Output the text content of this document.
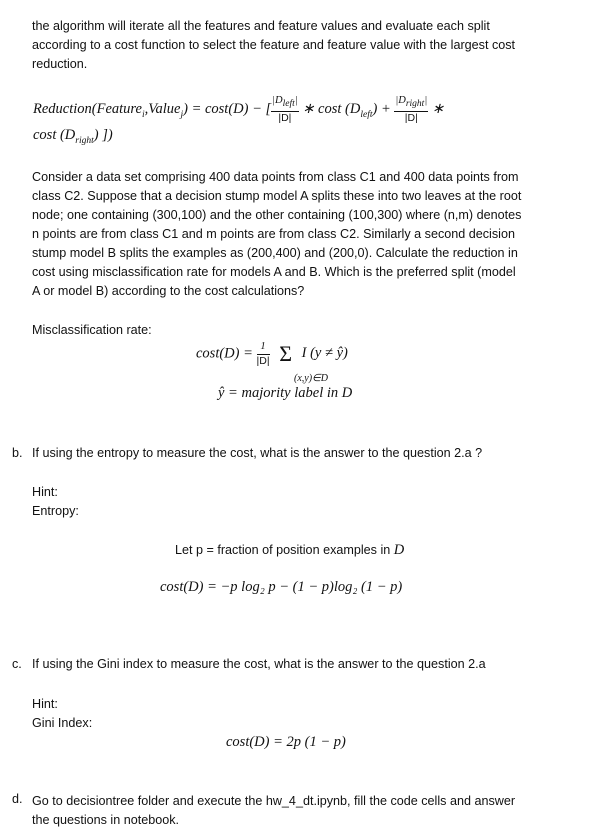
the algorithm will iterate all the features and feature values and evaluate each split
according to a cost function to select the feature and feature value with the largest cost
reduction.
Reduction(Feature$_i$,Value$_j$) = cost(D) − [ $\frac{|D_{left}|}{|D|}$ ∗ cost $(D_{left}) + \frac{|D_{right}|}{|D|}$ ∗
cost $(D_{right})$ ])
Consider a data set comprising 400 data points from class C1 and 400 data points from
class C2. Suppose that a decision stump model A splits these into two leaves at the root
node; one containing (300,100) and the other containing (100,300) where (n,m) denotes
n points are from class C1 and m points are from class C2. Similarly a second decision
stump model B splits the examples as (200,400) and (200,0). Calculate the reduction in
cost using misclassification rate for models A and B. Which is the preferred split (model
A or model B) according to the cost calculations?
Misclassification rate:
$\cos t(D) = \frac{1}{|D|}$ Σ I (y ≠ ŷ)
(x,y)∈D
ŷ = majority label in D
b. If using the entropy to measure the cost, what is the answer to the question 2.a ?
Hint:
Entropy:
Let p = fraction of position examples in D
cost(D) = −p log₂ p − (1 − p)log₂ (1 − p)
c. If using the Gini index to measure the cost, what is the answer to the question 2.a
Hint:
Gini Index:
cost(D) = 2p (1 − p)
d. Go to decisiontree folder and execute the hw_4_dt.ipynb, fill the code cells and answer
the questions in notebook.
